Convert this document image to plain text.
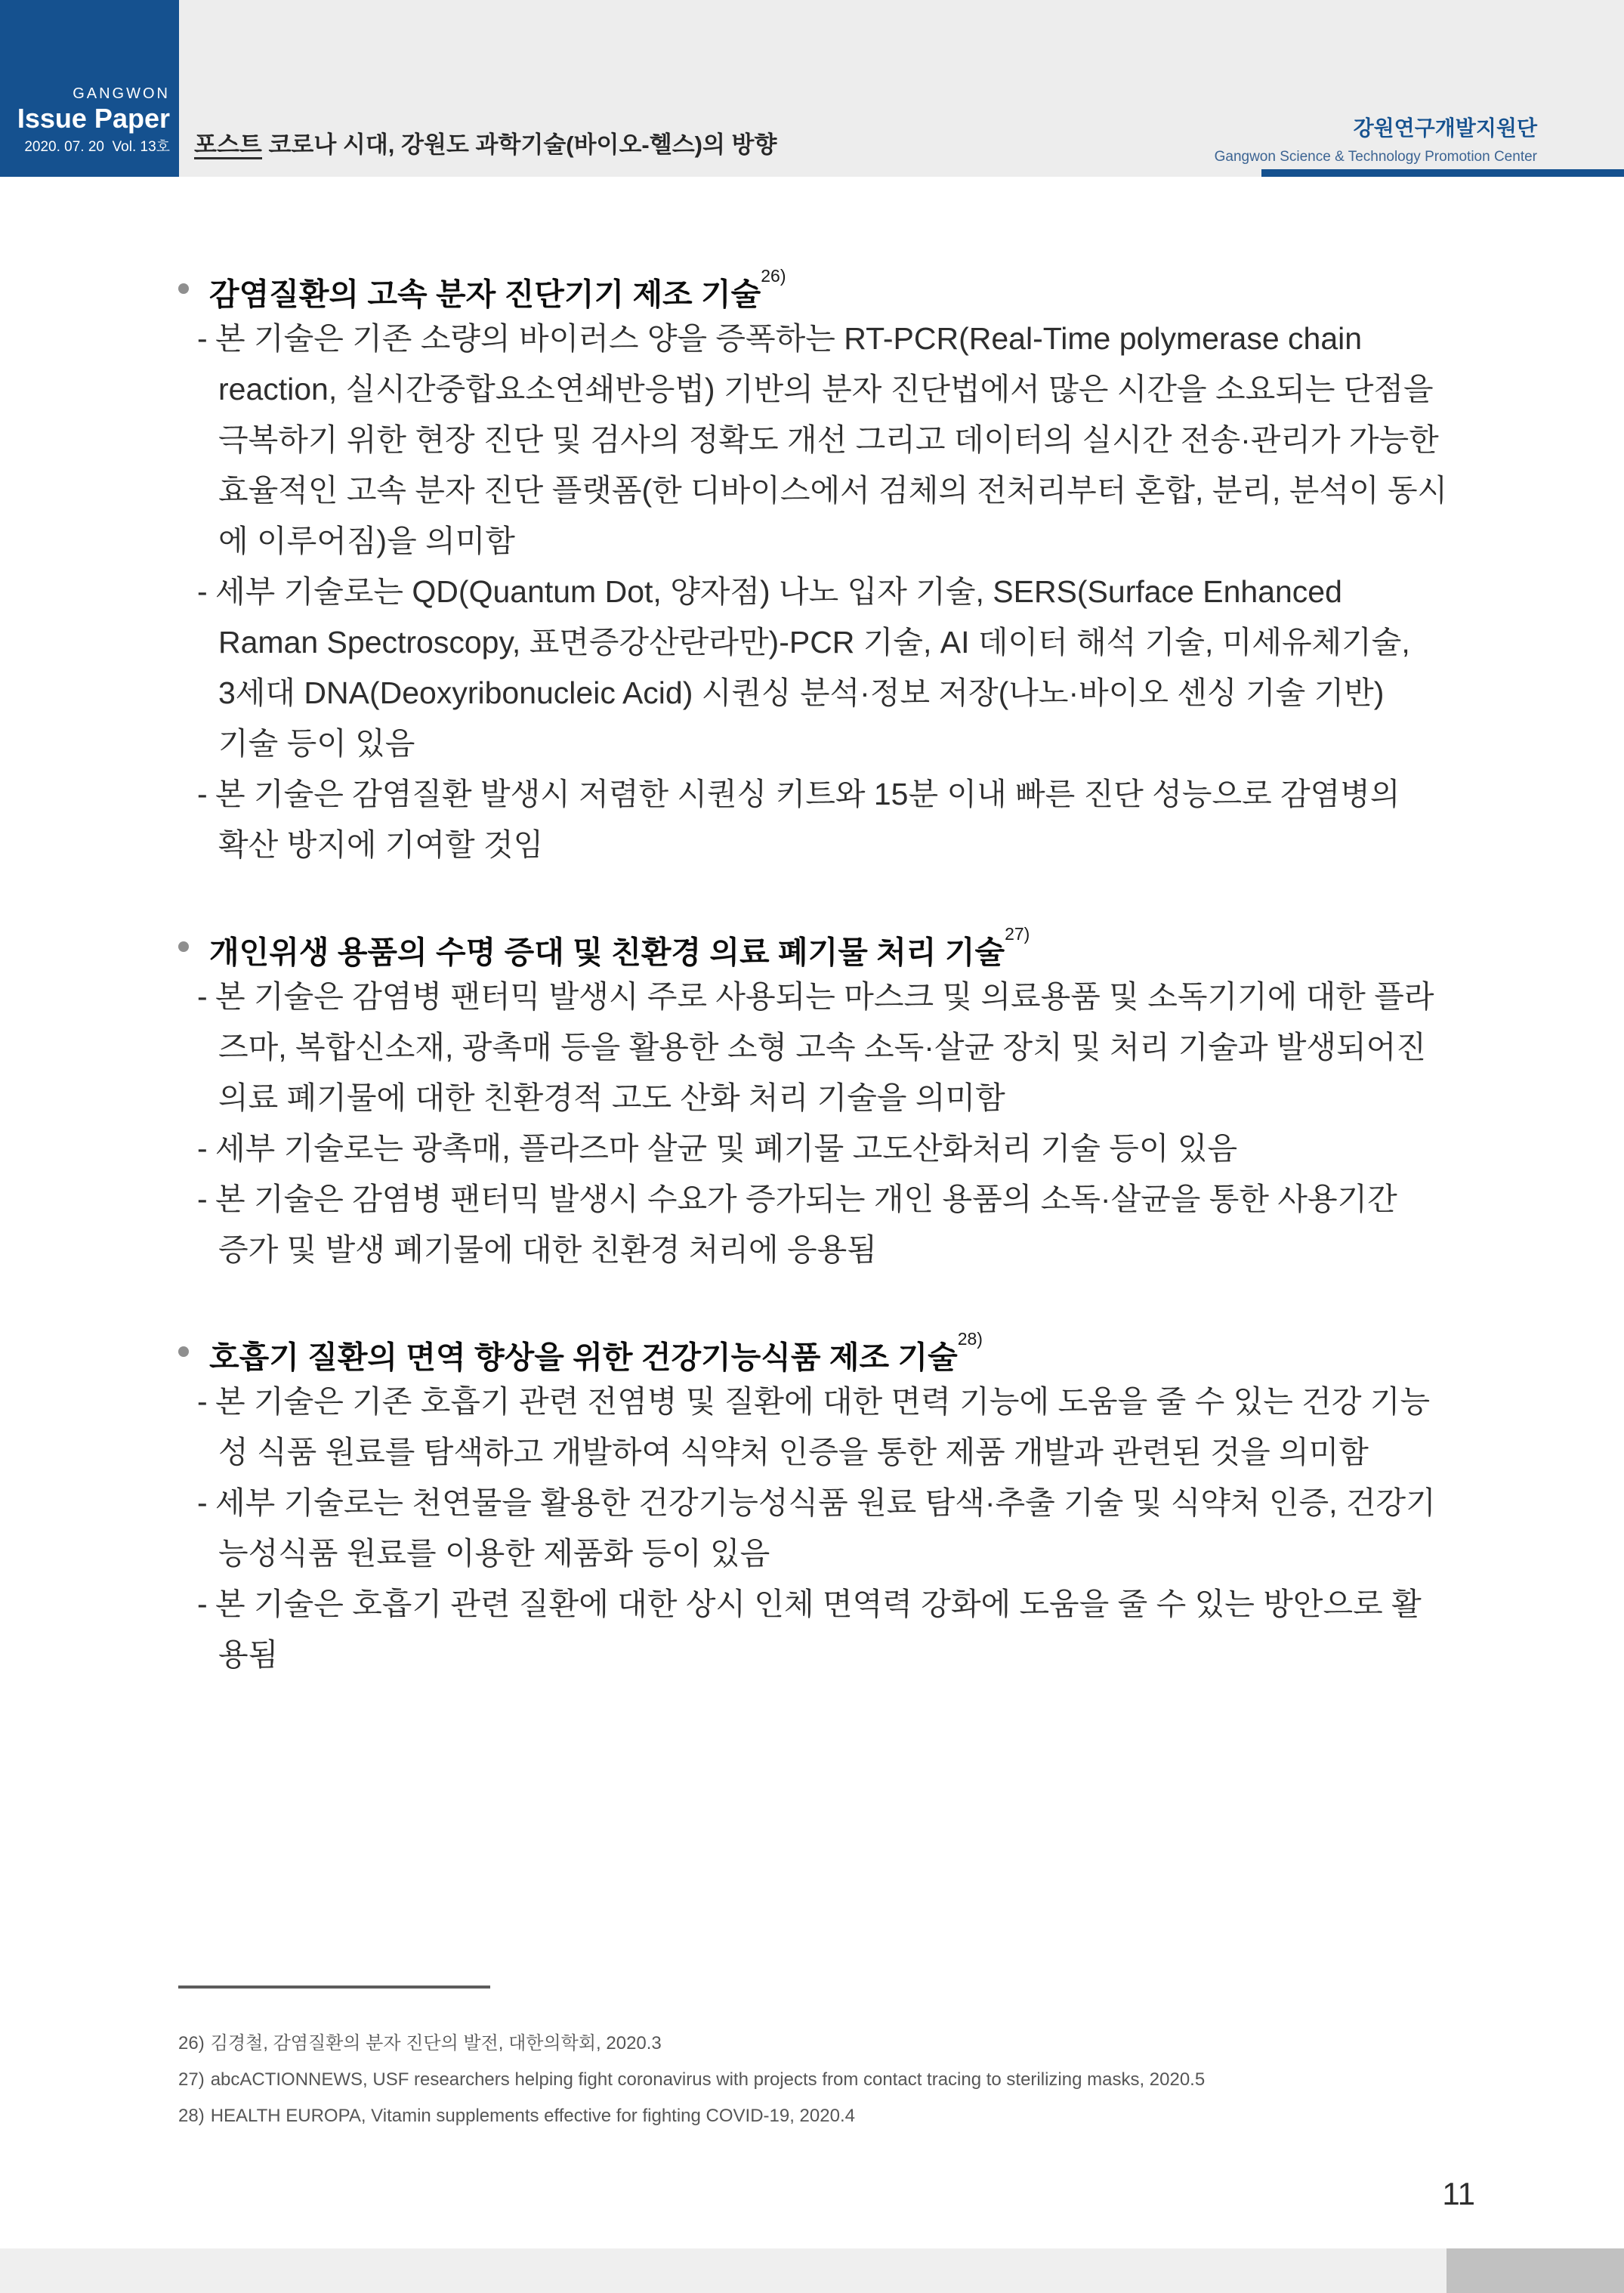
GANGWON
Issue Paper
2020. 07. 20  Vol. 13호 포스트 코로나 시대, 강원도 과학기술(바이오-헬스)의 방향
강원연구개발지원단
Gangwon Science & Technology Promotion Center
감염질환의 고속 분자 진단기기 제조 기술$^{26)}$
- 본 기술은 기존 소량의 바이러스 양을 증폭하는 RT-PCR(Real-Time polymerase chain
reaction, 실시간중합요소연쇄반응법) 기반의 분자 진단법에서 많은 시간을 소요되는 단점을
극복하기 위한 현장 진단 및 검사의 정확도 개선 그리고 데이터의 실시간 전송·관리가 가능한
효율적인 고속 분자 진단 플랫폼(한 디바이스에서 검체의 전처리부터 혼합, 분리, 분석이 동시
에 이루어짐)을 의미함
- 세부 기술로는 QD(Quantum Dot, 양자점) 나노 입자 기술, SERS(Surface Enhanced
Raman Spectroscopy, 표면증강산란라만)-PCR 기술, AI 데이터 해석 기술, 미세유체기술,
3세대 DNA(Deoxyribonucleic Acid) 시퀀싱 분석·정보 저장(나노·바이오 센싱 기술 기반)
기술 등이 있음
- 본 기술은 감염질환 발생시 저렴한 시퀀싱 키트와 15분 이내 빠른 진단 성능으로 감염병의
확산 방지에 기여할 것임
개인위생 용품의 수명 증대 및 친환경 의료 폐기물 처리 기술$^{27)}$
- 본 기술은 감염병 팬터믹 발생시 주로 사용되는 마스크 및 의료용품 및 소독기기에 대한 플라
즈마, 복합신소재, 광촉매 등을 활용한 소형 고속 소독·살균 장치 및 처리 기술과 발생되어진
의료 폐기물에 대한 친환경적 고도 산화 처리 기술을 의미함
- 세부 기술로는 광촉매, 플라즈마 살균 및 폐기물 고도산화처리 기술 등이 있음
- 본 기술은 감염병 팬터믹 발생시 수요가 증가되는 개인 용품의 소독·살균을 통한 사용기간
증가 및 발생 폐기물에 대한 친환경 처리에 응용됨
호흡기 질환의 면역 향상을 위한 건강기능식품 제조 기술$^{28)}$
- 본 기술은 기존 호흡기 관련 전염병 및 질환에 대한 면력 기능에 도움을 줄 수 있는 건강 기능
성 식품 원료를 탐색하고 개발하여 식약처 인증을 통한 제품 개발과 관련된 것을 의미함
- 세부 기술로는 천연물을 활용한 건강기능성식품 원료 탐색·추출 기술 및 식약처 인증, 건강기
능성식품 원료를 이용한 제품화 등이 있음
- 본 기술은 호흡기 관련 질환에 대한 상시 인체 면역력 강화에 도움을 줄 수 있는 방안으로 활
용됨
26) 김경철, 감염질환의 분자 진단의 발전, 대한의학회, 2020.3
27) abcACTIONNEWS, USF researchers helping fight coronavirus with projects from contact tracing to sterilizing masks, 2020.5
28) HEALTH EUROPA, Vitamin supplements effective for fighting COVID-19, 2020.4
11
